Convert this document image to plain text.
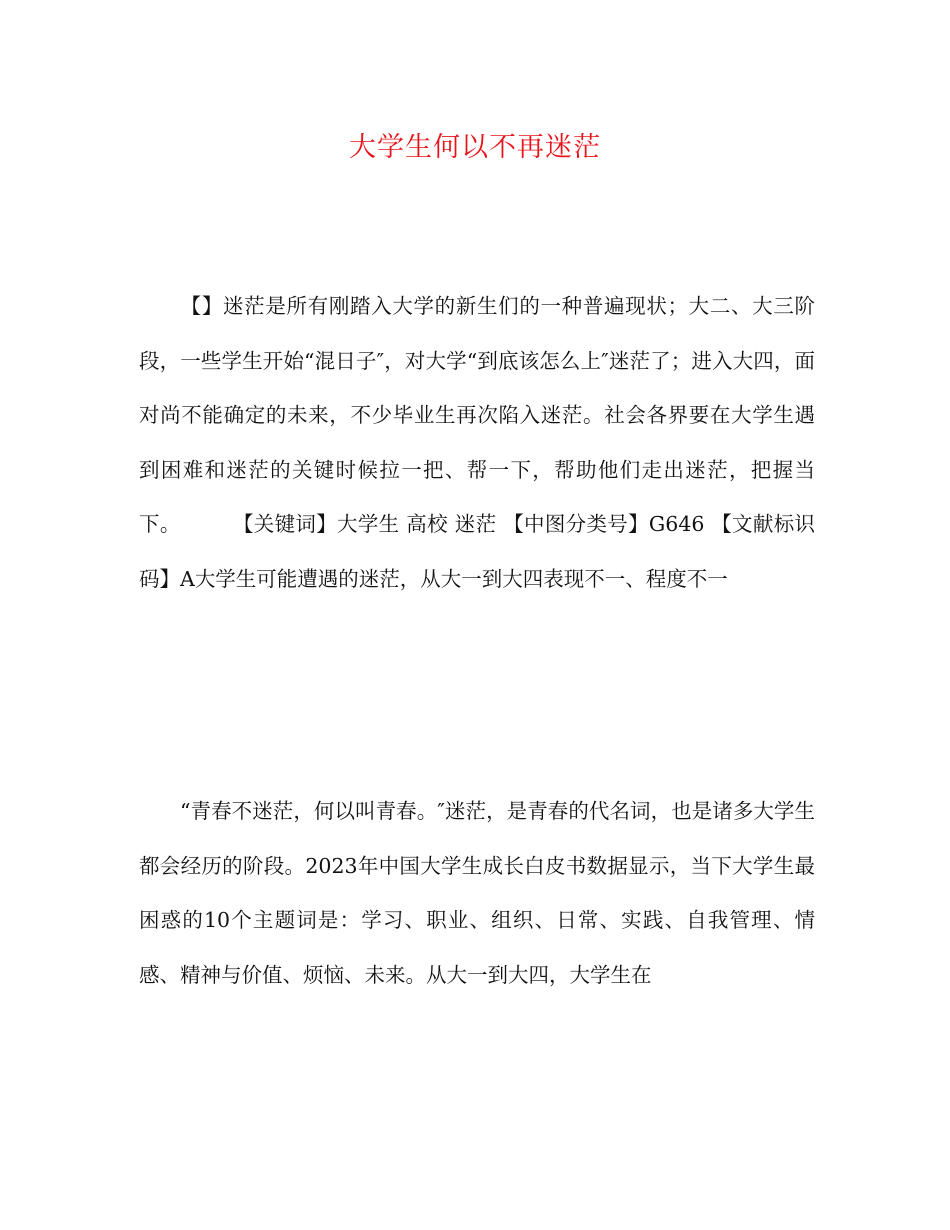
大学生何以不再迷茫

【】迷茫是所有刚踏入大学的新生们的一种普遍现状；大二、大三阶段，一些学生开始“混日子″，对大学“到底该怎么上″迷茫了；进入大四，面对尚不能确定的未来，不少毕业生再次陷入迷茫。社会各界要在大学生遇到困难和迷茫的关键时候拉一把、帮一下，帮助他们走出迷茫，把握当下。	【关键词】大学生 高校 迷茫 【中图分类号】G646 【文献标识码】A大学生可能遭遇的迷茫，从大一到大四表现不一、程度不一

“青春不迷茫，何以叫青春。″迷茫，是青春的代名词，也是诸多大学生都会经历的阶段。2023年中国大学生成长白皮书数据显示，当下大学生最困惑的10个主题词是：学习、职业、组织、日常、实践、自我管理、情感、精神与价值、烦恼、未来。从大一到大四，大学生在
